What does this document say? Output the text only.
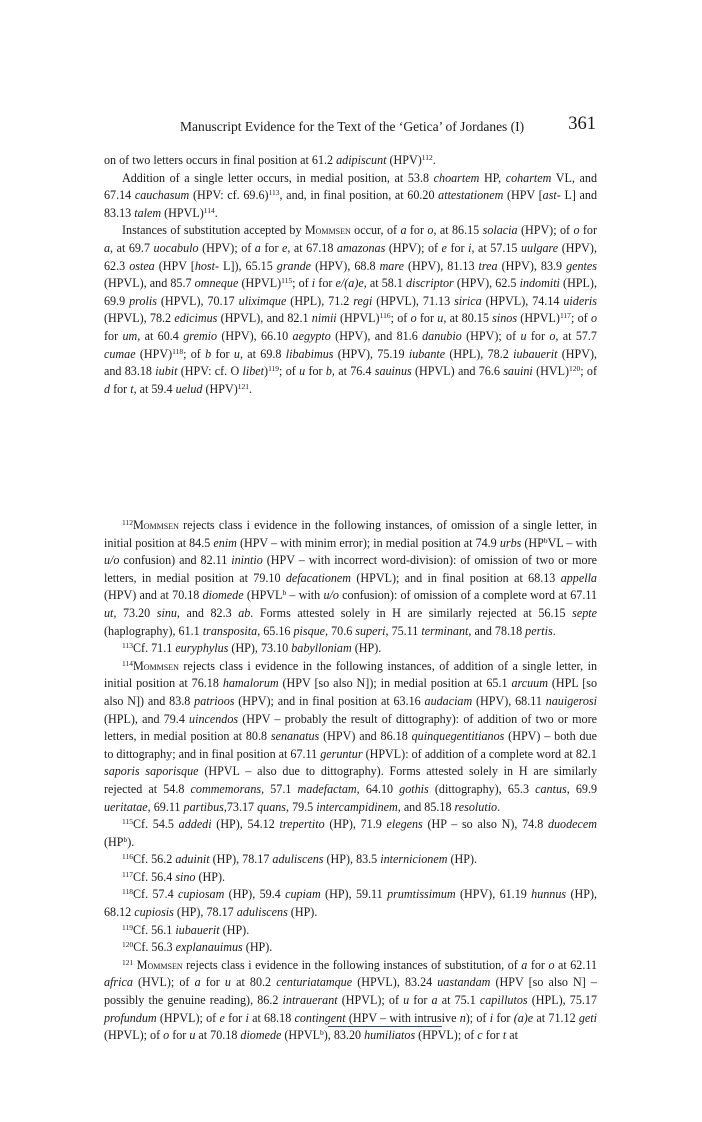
Manuscript Evidence for the Text of the ‘Getica’ of Jordanes (I) 361

on of two letters occurs in final position at 61.2 adipiscunt (HPV)$^{112}$.

Addition of a single letter occurs, in medial position, at 53.8 choartem HP, cohartem VL, and 67.14 cauchasum (HPV: cf. 69.6)$^{113}$, and, in final position, at 60.20 attestationem (HPV [ast- L] and 83.13 talem (HPVL)$^{114}$.

Instances of substitution accepted by Mommsen occur, of a for o, at 86.15 solacia (HPV); of o for a, at 69.7 uocabulo (HPV); of a for e, at 67.18 amazonas (HPV); of e for i, at 57.15 uulgare (HPV), 62.3 ostea (HPV [host- L]), 65.15 grande (HPV), 68.8 mare (HPV), 81.13 trea (HPV), 83.9 gentes (HPVL), and 85.7 omneque (HPVL)$^{115}$; of i for e/(a)e, at 58.1 discriptor (HPV), 62.5 indomiti (HPL), 69.9 prolis (HPVL), 70.17 uliximque (HPL), 71.2 regi (HPVL), 71.13 sirica (HPVL), 74.14 uideris (HPVL), 78.2 edicimus (HPVL), and 82.1 nimii (HPVL)$^{116}$; of o for u, at 80.15 sinos (HPVL)$^{117}$; of o for um, at 60.4 gremio (HPV), 66.10 aegypto (HPV), and 81.6 danubio (HPV); of u for o, at 57.7 cumae (HPV)$^{118}$; of b for u, at 69.8 libabimus (HPV), 75.19 iubante (HPL), 78.2 iubauerit (HPV), and 83.18 iubit (HPV: cf. O libet)$^{119}$; of u for b, at 76.4 sauinus (HPVL) and 76.6 sauini (HVL)$^{120}$; of d for t, at 59.4 uelud (HPV)$^{121}$.

$^{112}$Mommsen rejects class i evidence in the following instances, of omission of a single letter, in initial position at 84.5 enim (HPV – with minim error); in medial position at 74.9 urbs ($HP^bVL$ – with u/o confusion) and 82.11 inintio (HPV – with incorrect word-division): of omission of two or more letters, in medial position at 79.10 defacationem (HPVL); and in final position at 68.13 appella (HPV) and at 70.18 diomede (HPVL$^b$ – with u/o confusion): of omission of a complete word at 67.11 ut, 73.20 sinu, and 82.3 ab. Forms attested solely in H are similarly rejected at 56.15 septe (haplography), 61.1 transposita, 65.16 pisque, 70.6 superi, 75.11 terminant, and 78.18 pertis.

$^{113}$Cf. 71.1 euryphylus (HP), 73.10 babylloniam (HP).

$^{114}$Mommsen rejects class i evidence in the following instances, of addition of a single letter, in initial position at 76.18 hamalorum (HPV [so also N]); in medial position at 65.1 arcuum (HPL [so also N]) and 83.8 patrioos (HPV); and in final position at 63.16 audaciam (HPV), 68.11 nauigerosi (HPL), and 79.4 uincendos (HPV – probably the result of dittography): of addition of two or more letters, in medial position at 80.8 senanatus (HPV) and 86.18 quinquegentitianos (HPV) – both due to dittography; and in final position at 67.11 geruntur (HPVL): of addition of a complete word at 82.1 saporis saporisque (HPVL – also due to dittography). Forms attested solely in H are similarly rejected at 54.8 commemorans, 57.1 madefactam, 64.10 gothis (dittography), 65.3 cantus, 69.9 ueritatae, 69.11 partibus,73.17 quans, 79.5 intercampidinem, and 85.18 resolutio.

$^{115}$Cf. 54.5 addedi (HP), 54.12 trepertito (HP), 71.9 elegens (HP – so also N), 74.8 duodecem $(HP^b)$.

$^{116}$Cf. 56.2 aduinit (HP), 78.17 aduliscens (HP), 83.5 internicionem (HP).

$^{117}$Cf. 56.4 sino (HP).

$^{118}$Cf. 57.4 cupiosam (HP), 59.4 cupiam (HP), 59.11 prumtissimum (HPV), 61.19 hunnus (HP), 68.12 cupiosis (HP), 78.17 aduliscens (HP).

$^{119}$Cf. 56.1 iubauerit (HP).

$^{120}$Cf. 56.3 explanauimus (HP).

$^{121}$ Mommsen rejects class i evidence in the following instances of substitution, of a for o at 62.11 africa (HVL); of a for u at 80.2 centuriatamque (HPVL), 83.24 uastandam (HPV [so also N] – possibly the genuine reading), 86.2 intrauerant (HPVL); of u for a at 75.1 capillutos (HPL), 75.17 profundum (HPVL); of e for i at 68.18 contingent (HPV – with intrusive n); of i for (a)e at 71.12 geti (HPVL); of o for u at 70.18 diomede (HPVL$^b$), 83.20 humiliatos (HPVL); of c for t at
